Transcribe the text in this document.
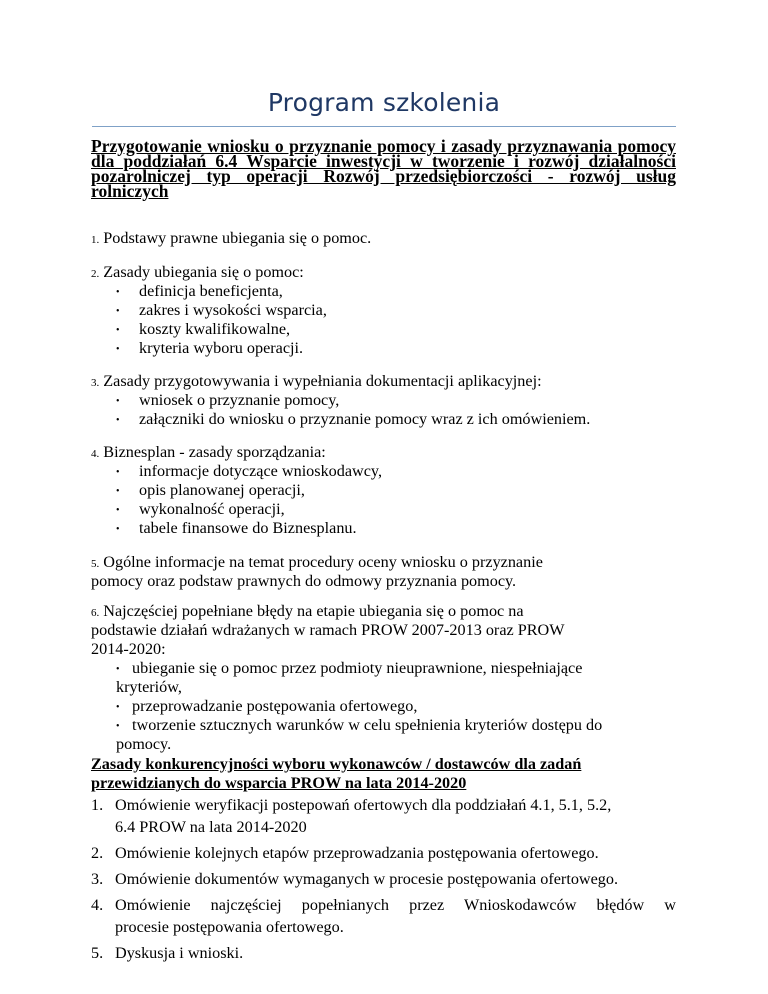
Program szkolenia
Przygotowanie wniosku o przyznanie pomocy i zasady przyznawania pomocy dla poddziałań 6.4 Wsparcie inwestycji w tworzenie i rozwój działalności pozarolniczej typ operacji Rozwój przedsiębiorczości - rozwój usług rolniczych
1. Podstawy prawne ubiegania się o pomoc.
2. Zasady ubiegania się o pomoc:
• definicja beneficjenta,
• zakres i wysokości wsparcia,
• koszty kwalifikowalne,
• kryteria wyboru operacji.
3. Zasady przygotowywania i wypełniania dokumentacji aplikacyjnej:
• wniosek o przyznanie pomocy,
• załączniki do wniosku o przyznanie pomocy wraz z ich omówieniem.
4. Biznesplan - zasady sporządzania:
• informacje dotyczące wnioskodawcy,
• opis planowanej operacji,
• wykonalność operacji,
• tabele finansowe do Biznesplanu.
5. Ogólne informacje na temat procedury oceny wniosku o przyznanie
pomocy oraz podstaw prawnych do odmowy przyznania pomocy.
6. Najczęściej popełniane błędy na etapie ubiegania się o pomoc na
podstawie działań wdrażanych w ramach PROW 2007-2013 oraz PROW
2014-2020:
• ubieganie się o pomoc przez podmioty nieuprawnione, niespełniające
kryteriów,
• przeprowadzanie postępowania ofertowego,
• tworzenie sztucznych warunków w celu spełnienia kryteriów dostępu do
pomocy.
Zasady konkurencyjności wyboru wykonawców / dostawców dla zadań
przewidzianych do wsparcia PROW na lata 2014-2020
1. Omówienie weryfikacji postepowań ofertowych dla poddziałań 4.1, 5.1, 5.2,
6.4 PROW na lata 2014-2020
2. Omówienie kolejnych etapów przeprowadzania postępowania ofertowego.
3. Omówienie dokumentów wymaganych w procesie postępowania ofertowego.
4. Omówienie najczęściej popełnianych przez Wnioskodawców błędów w
procesie postępowania ofertowego.
5. Dyskusja i wnioski.
